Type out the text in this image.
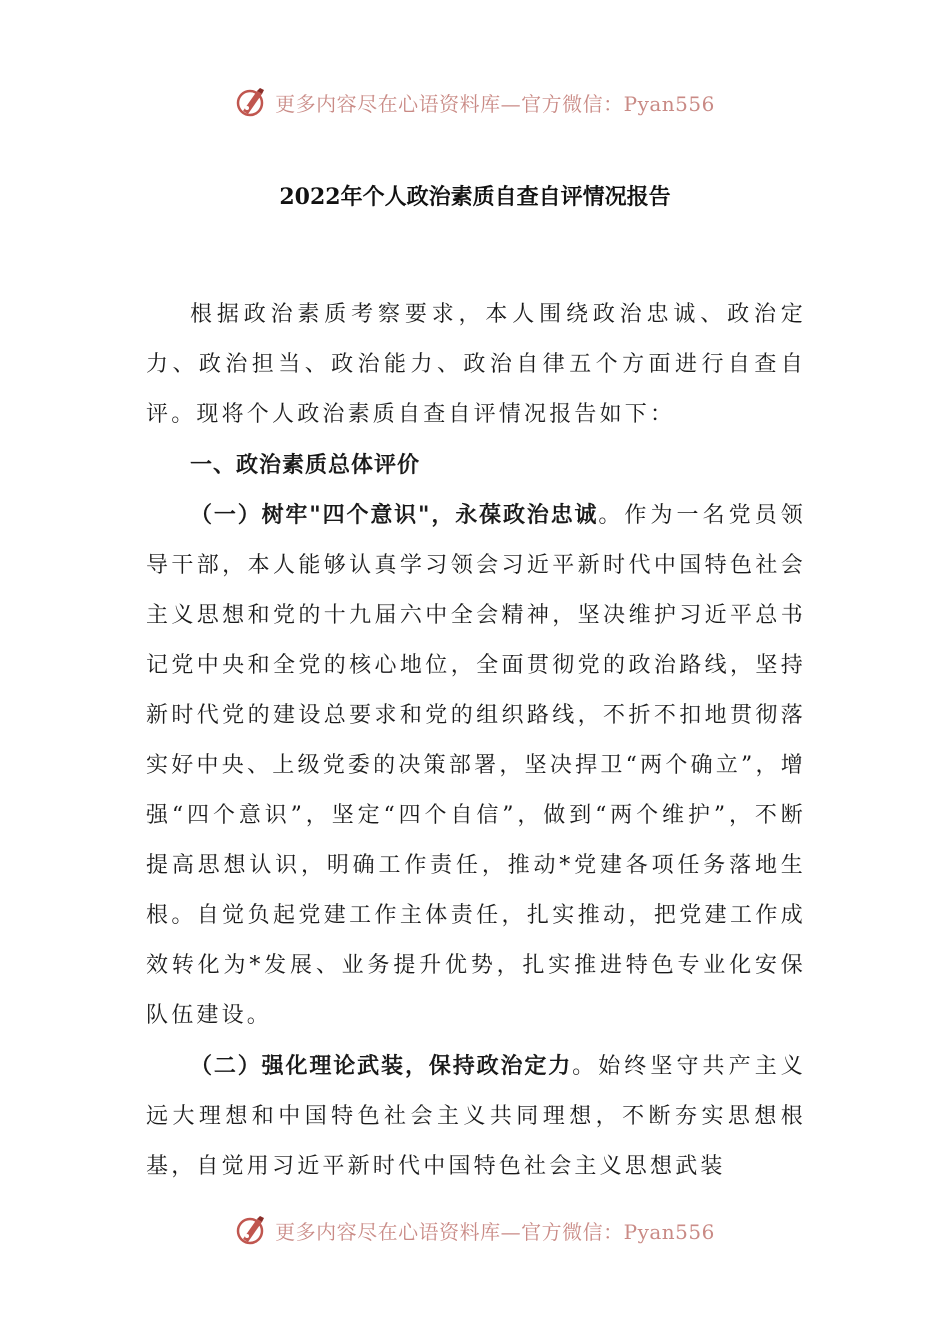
更多内容尽在心语资料库—官方微信：Pyan556
2022年个人政治素质自查自评情况报告

根据政治素质考察要求，本人围绕政治忠诚、政治定力、政治担当、政治能力、政治自律五个方面进行自查自评。现将个人政治素质自查自评情况报告如下：

一、政治素质总体评价

（一）树牢"四个意识"，永葆政治忠诚。作为一名党员领导干部，本人能够认真学习领会习近平新时代中国特色社会主义思想和党的十九届六中全会精神，坚决维护习近平总书记党中央和全党的核心地位，全面贯彻党的政治路线，坚持新时代党的建设总要求和党的组织路线，不折不扣地贯彻落实好中央、上级党委的决策部署，坚决捍卫“两个确立”，增强“四个意识”，坚定“四个自信”，做到“两个维护”，不断提高思想认识，明确工作责任，推动*党建各项任务落地生根。自觉负起党建工作主体责任，扎实推动，把党建工作成效转化为*发展、业务提升优势，扎实推进特色专业化安保队伍建设。

（二）强化理论武装，保持政治定力。始终坚守共产主义远大理想和中国特色社会主义共同理想，不断夯实思想根基，自觉用习近平新时代中国特色社会主义思想武装

更多内容尽在心语资料库—官方微信：Pyan556
